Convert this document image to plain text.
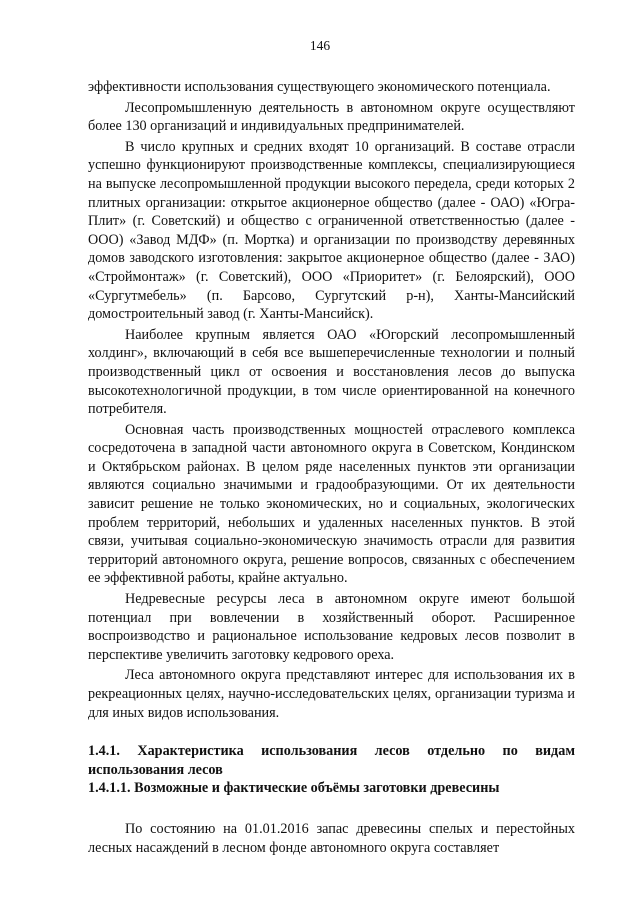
146

эффективности использования существующего экономического потенциала.

Лесопромышленную деятельность в автономном округе осуществляют более 130 организаций и индивидуальных предпринимателей.

В число крупных и средних входят 10 организаций. В составе отрасли успешно функционируют производственные комплексы, специализирующиеся на выпуске лесопромышленной продукции высокого передела, среди которых 2 плитных организации: открытое акционерное общество (далее - ОАО) «Югра-Плит» (г. Советский) и общество с ограниченной ответственностью (далее - ООО) «Завод МДФ» (п. Мортка) и организации по производству деревянных домов заводского изготовления: закрытое акционерное общество (далее - ЗАО) «Строймонтаж» (г. Советский), ООО «Приоритет» (г. Белоярский), ООО «Сургутмебель» (п. Барсово, Сургутский р-н), Ханты-Мансийский домостроительный завод (г. Ханты-Мансийск).

Наиболее крупным является ОАО «Югорский лесопромышленный холдинг», включающий в себя все вышеперечисленные технологии и полный производственный цикл от освоения и восстановления лесов до выпуска высокотехнологичной продукции, в том числе ориентированной на конечного потребителя.

Основная часть производственных мощностей отраслевого комплекса сосредоточена в западной части автономного округа в Советском, Кондинском и Октябрьском районах. В целом ряде населенных пунктов эти организации являются социально значимыми и градообразующими. От их деятельности зависит решение не только экономических, но и социальных, экологических проблем территорий, небольших и удаленных населенных пунктов. В этой связи, учитывая социально-экономическую значимость отрасли для развития территорий автономного округа, решение вопросов, связанных с обеспечением ее эффективной работы, крайне актуально.

Недревесные ресурсы леса в автономном округе имеют большой потенциал при вовлечении в хозяйственный оборот. Расширенное воспроизводство и рациональное использование кедровых лесов позволит в перспективе увеличить заготовку кедрового ореха.

Леса автономного округа представляют интерес для использования их в рекреационных целях, научно-исследовательских целях, организации туризма и для иных видов использования.

1.4.1. Характеристика использования лесов отдельно по видам использования лесов

1.4.1.1. Возможные и фактические объёмы заготовки древесины

По состоянию на 01.01.2016 запас древесины спелых и перестойных лесных насаждений в лесном фонде автономного округа составляет
